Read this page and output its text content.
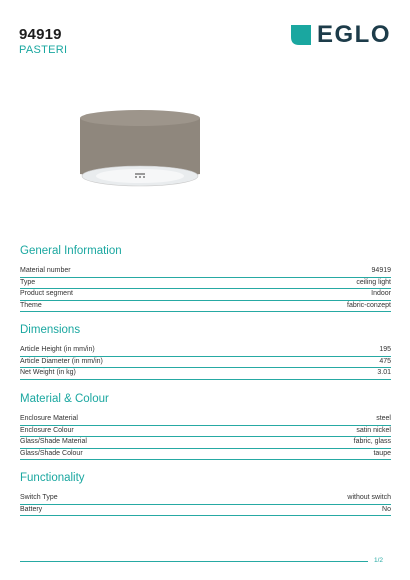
94919
PASTERI
EGLO
General Information
Material number	94919
Type	ceiling light
Product segment	Indoor
Theme	fabric-conzept
Dimensions
Article Height (in mm/in)	195
Article Diameter (in mm/in)	475
Net Weight (in kg)	3.01
Material & Colour
Enclosure Material	steel
Enclosure Colour	satin nickel
Glass/Shade Material	fabric, glass
Glass/Shade Colour	taupe
Functionality
Switch Type	without switch
Battery	No
1/2
